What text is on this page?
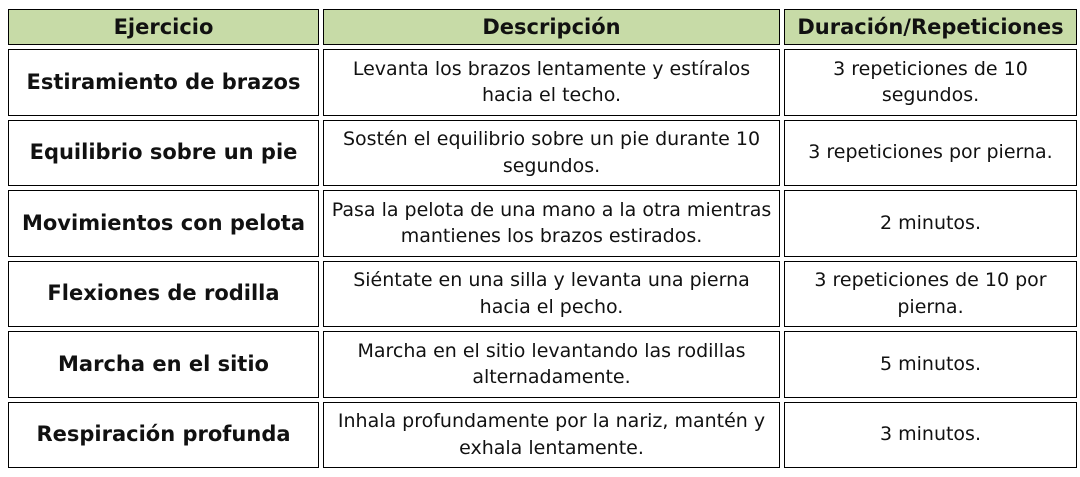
Ejercicio	Descripción	Duración/Repeticiones
Estiramiento de brazos	Levanta los brazos lentamente y estíralos hacia el techo.	3 repeticiones de 10 segundos.
Equilibrio sobre un pie	Sostén el equilibrio sobre un pie durante 10 segundos.	3 repeticiones por pierna.
Movimientos con pelota	Pasa la pelota de una mano a la otra mientras mantienes los brazos estirados.	2 minutos.
Flexiones de rodilla	Siéntate en una silla y levanta una pierna hacia el pecho.	3 repeticiones de 10 por pierna.
Marcha en el sitio	Marcha en el sitio levantando las rodillas alternadamente.	5 minutos.
Respiración profunda	Inhala profundamente por la nariz, mantén y exhala lentamente.	3 minutos.
